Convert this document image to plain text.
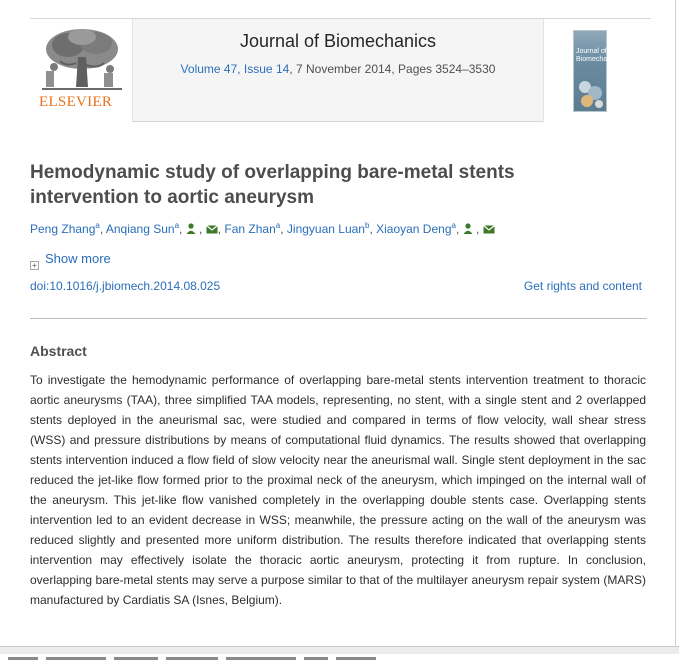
ELSEVIER
Journal of Biomechanics
Volume 47, Issue 14, 7 November 2014, Pages 3524–3530
Journal of Biomechanics
Hemodynamic study of overlapping bare-metal stents intervention to aortic aneurysm
Peng Zhang$^a$, Anqiang Sun$^a$,  , , Fan Zhan$^a$, Jingyuan Luan$^b$, Xiaoyan Deng$^a$,  ,
+ Show more
doi:10.1016/j.jbiomech.2014.08.025	Get rights and content
Abstract

To investigate the hemodynamic performance of overlapping bare-metal stents intervention treatment to thoracic aortic aneurysms (TAA), three simplified TAA models, representing, no stent, with a single stent and 2 overlapped stents deployed in the aneurismal sac, were studied and compared in terms of flow velocity, wall shear stress (WSS) and pressure distributions by means of computational fluid dynamics. The results showed that overlapping stents intervention induced a flow field of slow velocity near the aneurismal wall. Single stent deployment in the sac reduced the jet-like flow formed prior to the proximal neck of the aneurysm, which impinged on the internal wall of the aneurysm. This jet-like flow vanished completely in the overlapping double stents case. Overlapping stents intervention led to an evident decrease in WSS; meanwhile, the pressure acting on the wall of the aneurysm was reduced slightly and presented more uniform distribution. The results therefore indicated that overlapping stents intervention may effectively isolate the thoracic aortic aneurysm, protecting it from rupture. In conclusion, overlapping bare-metal stents may serve a purpose similar to that of the multilayer aneurysm repair system (MARS) manufactured by Cardiatis SA (Isnes, Belgium).
